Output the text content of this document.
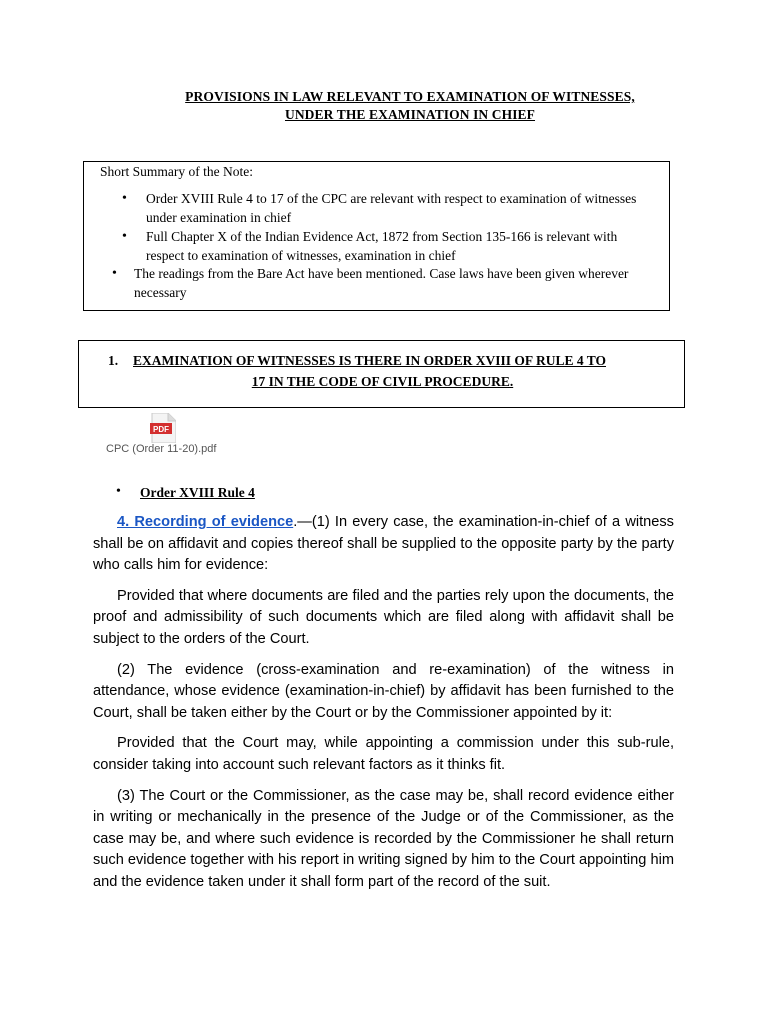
PROVISIONS IN LAW RELEVANT TO EXAMINATION OF WITNESSES,
UNDER THE EXAMINATION IN CHIEF
Short Summary of the Note:
• Order XVIII Rule 4 to 17 of the CPC are relevant with respect to examination of witnesses under examination in chief
• Full Chapter X of the Indian Evidence Act, 1872 from Section 135-166 is relevant with respect to examination of witnesses, examination in chief
• The readings from the Bare Act have been mentioned. Case laws have been given wherever necessary
1. EXAMINATION OF WITNESSES IS THERE IN ORDER XVIII OF RULE 4 TO
17 IN THE CODE OF CIVIL PROCEDURE.
PDF
CPC (Order 11-20).pdf
• Order XVIII Rule 4

4. Recording of evidence.—(1) In every case, the examination-in-chief of a witness shall be on affidavit and copies thereof shall be supplied to the opposite party by the party who calls him for evidence:

Provided that where documents are filed and the parties rely upon the documents, the proof and admissibility of such documents which are filed along with affidavit shall be subject to the orders of the Court.

(2) The evidence (cross-examination and re-examination) of the witness in attendance, whose evidence (examination-in-chief) by affidavit has been furnished to the Court, shall be taken either by the Court or by the Commissioner appointed by it:

Provided that the Court may, while appointing a commission under this sub-rule, consider taking into account such relevant factors as it thinks fit.

(3) The Court or the Commissioner, as the case may be, shall record evidence either in writing or mechanically in the presence of the Judge or of the Commissioner, as the case may be, and where such evidence is recorded by the Commissioner he shall return such evidence together with his report in writing signed by him to the Court appointing him and the evidence taken under it shall form part of the record of the suit.
